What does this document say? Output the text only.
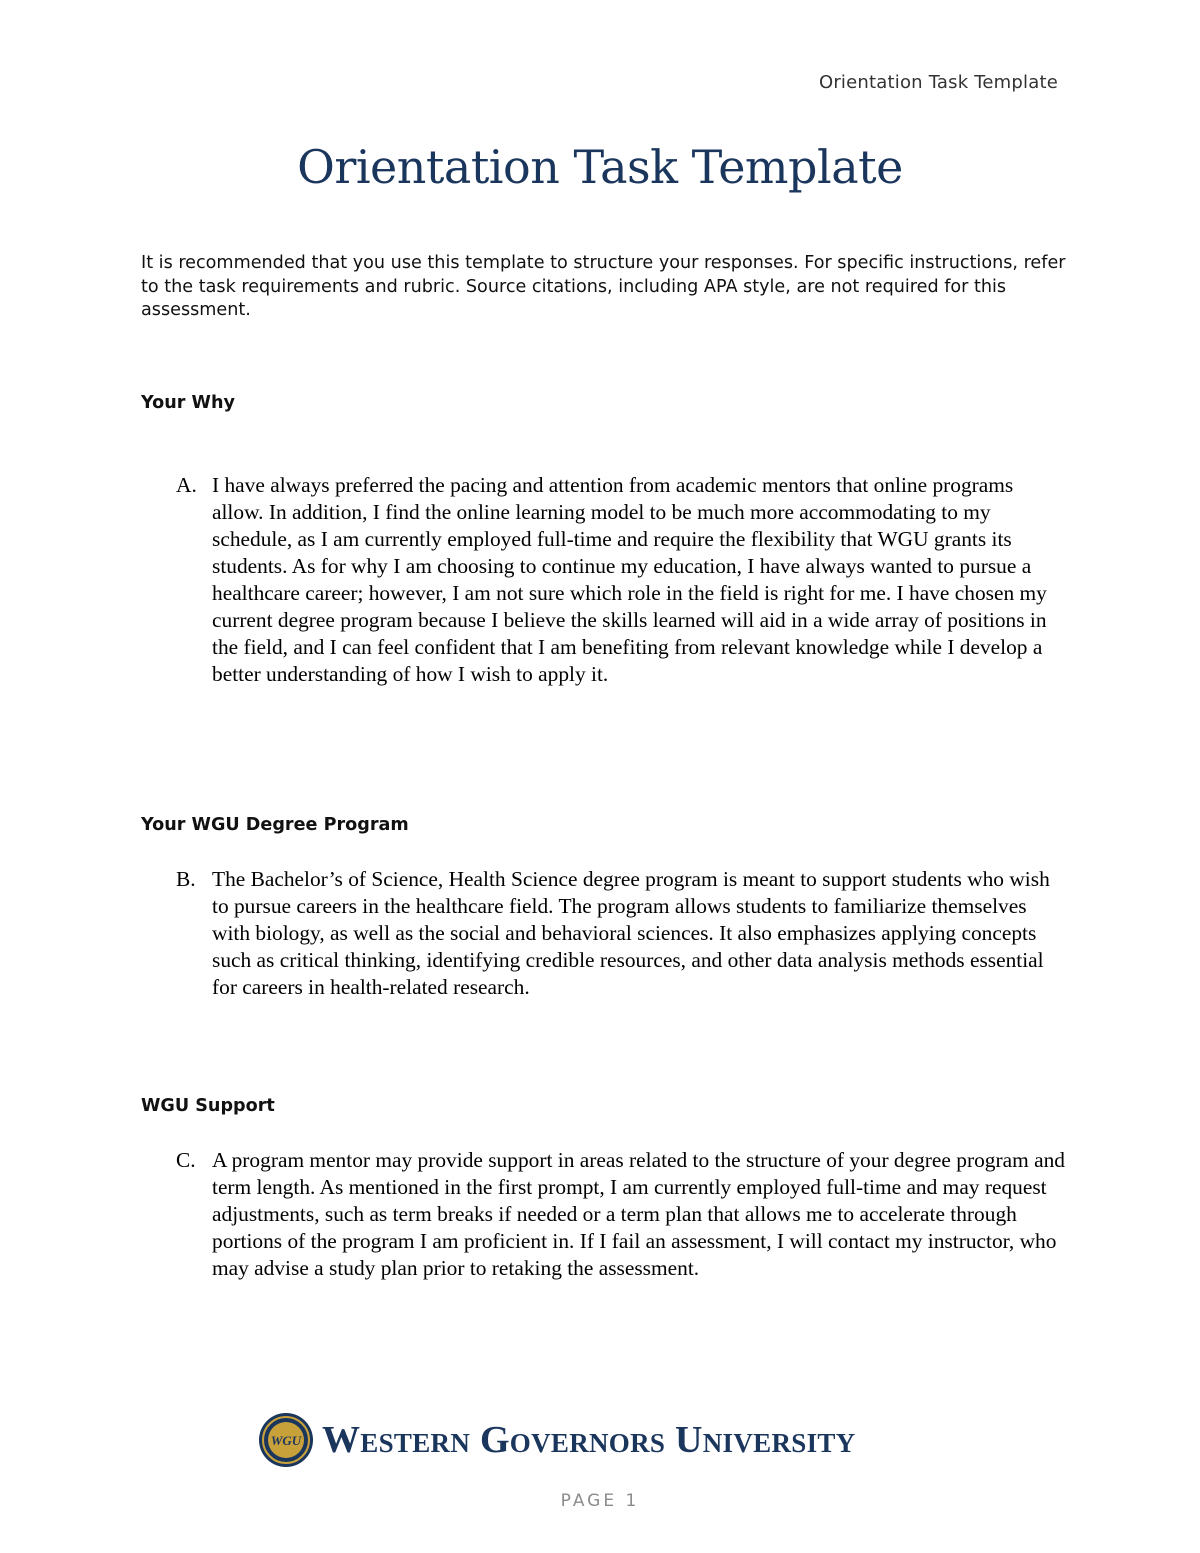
Orientation Task Template
Orientation Task Template

It is recommended that you use this template to structure your responses. For specific instructions, refer to the task requirements and rubric. Source citations, including APA style, are not required for this assessment.

Your Why
A. I have always preferred the pacing and attention from academic mentors that online programs allow. In addition, I find the online learning model to be much more accommodating to my schedule, as I am currently employed full-time and require the flexibility that WGU grants its students. As for why I am choosing to continue my education, I have always wanted to pursue a healthcare career; however, I am not sure which role in the field is right for me. I have chosen my current degree program because I believe the skills learned will aid in a wide array of positions in the field, and I can feel confident that I am benefiting from relevant knowledge while I develop a better understanding of how I wish to apply it.

Your WGU Degree Program
B. The Bachelor’s of Science, Health Science degree program is meant to support students who wish to pursue careers in the healthcare field. The program allows students to familiarize themselves with biology, as well as the social and behavioral sciences. It also emphasizes applying concepts such as critical thinking, identifying credible resources, and other data analysis methods essential for careers in health-related research.

WGU Support
C. A program mentor may provide support in areas related to the structure of your degree program and term length. As mentioned in the first prompt, I am currently employed full-time and may request adjustments, such as term breaks if needed or a term plan that allows me to accelerate through portions of the program I am proficient in. If I fail an assessment, I will contact my instructor, who may advise a study plan prior to retaking the assessment.

WGU Western Governors University
PAGE 1
